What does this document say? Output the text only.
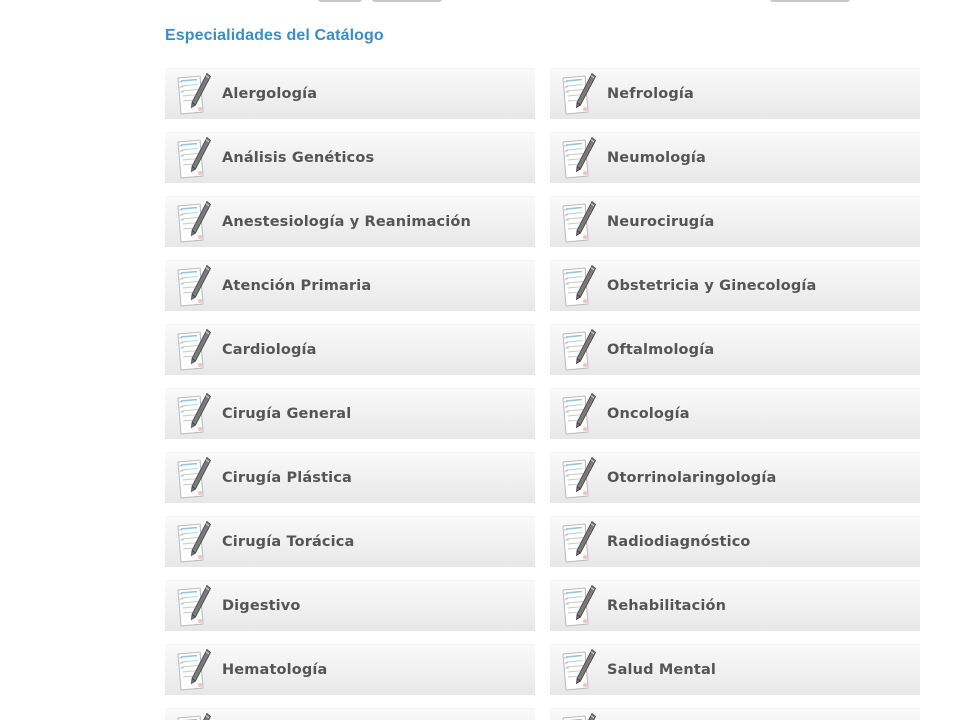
Especialidades del Catálogo
Alergología	Nefrología
Análisis Genéticos	Neumología
Anestesiología y Reanimación	Neurocirugía
Atención Primaria	Obstetricia y Ginecología
Cardiología	Oftalmología
Cirugía General	Oncología
Cirugía Plástica	Otorrinolaringología
Cirugía Torácica	Radiodiagnóstico
Digestivo	Rehabilitación
Hematología	Salud Mental
